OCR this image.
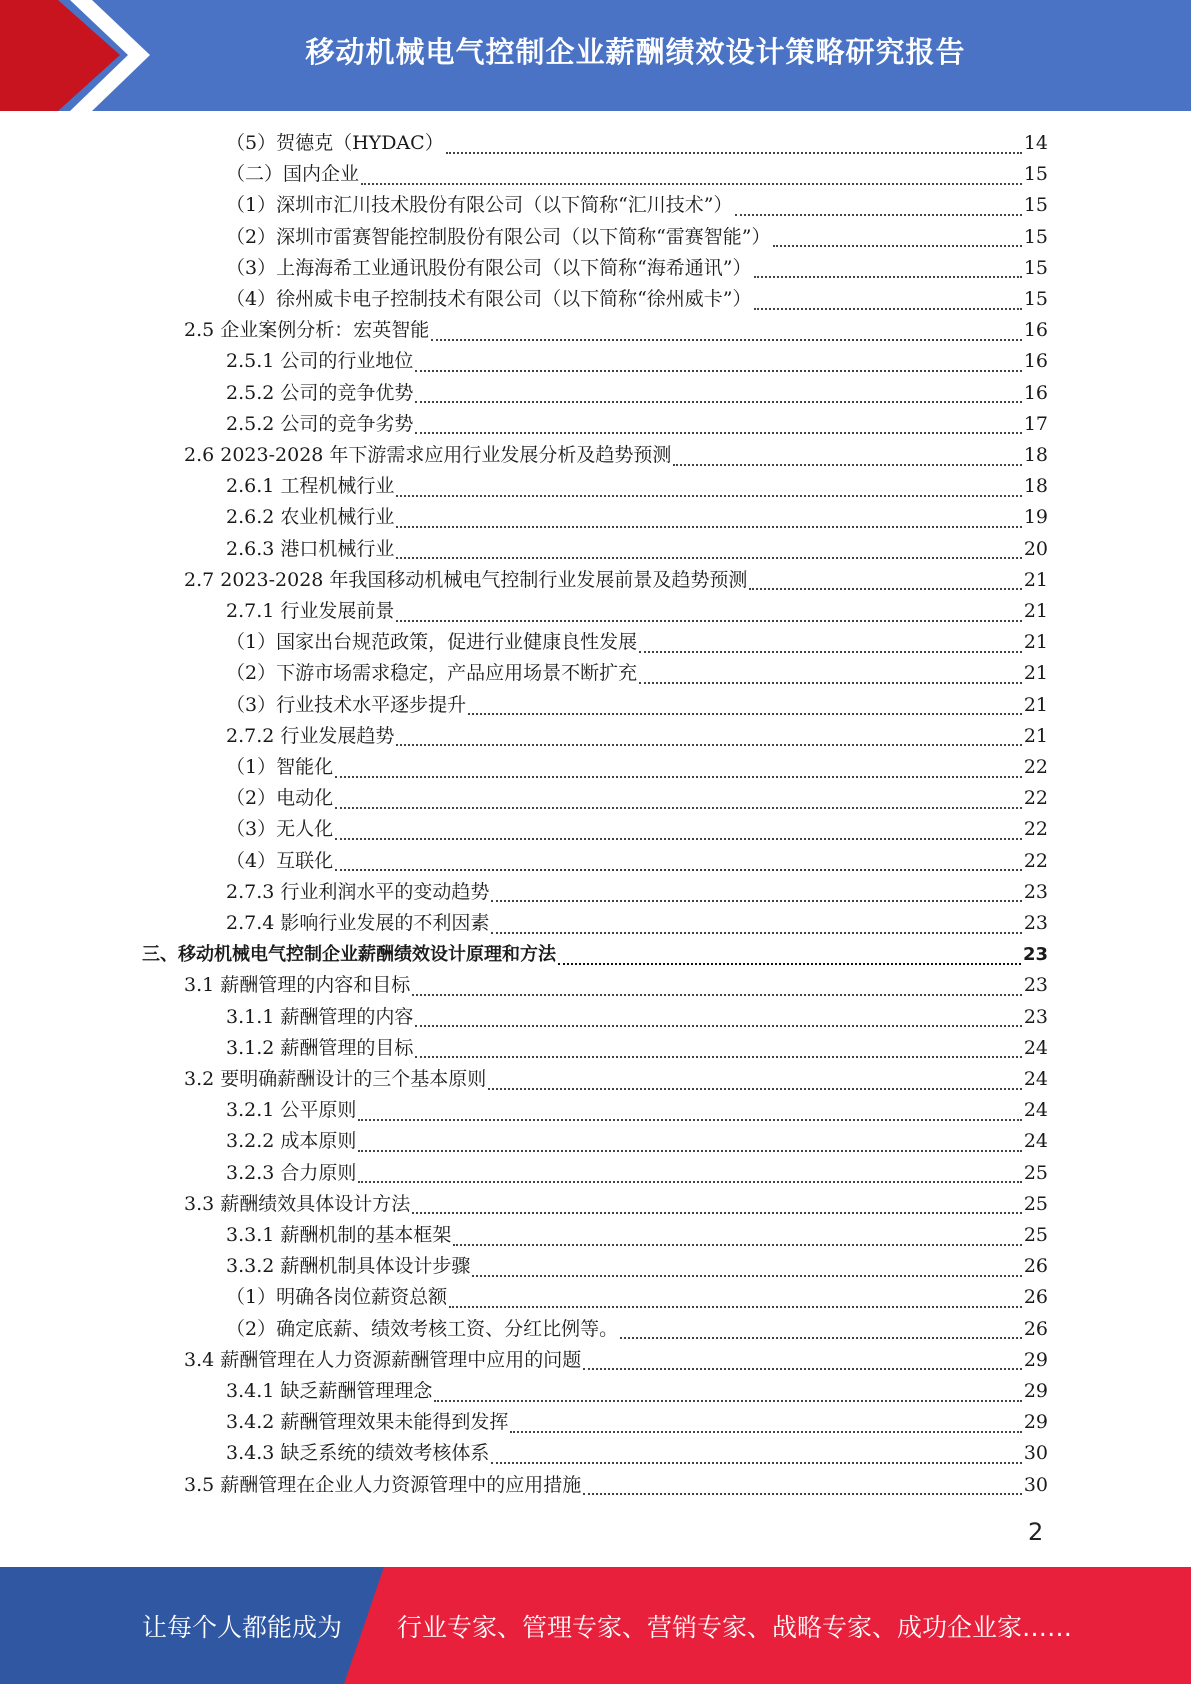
移动机械电气控制企业薪酬绩效设计策略研究报告
（5）贺德克（HYDAC）	14
（二）国内企业	15
（1）深圳市汇川技术股份有限公司（以下简称“汇川技术”）	15
（2）深圳市雷赛智能控制股份有限公司（以下简称“雷赛智能”）	15
（3）上海海希工业通讯股份有限公司（以下简称“海希通讯”）	15
（4）徐州威卡电子控制技术有限公司（以下简称“徐州威卡”）	15
2.5 企业案例分析：宏英智能	16
2.5.1 公司的行业地位	16
2.5.2 公司的竞争优势	16
2.5.2 公司的竞争劣势	17
2.6 2023-2028 年下游需求应用行业发展分析及趋势预测	18
2.6.1 工程机械行业	18
2.6.2 农业机械行业	19
2.6.3 港口机械行业	20
2.7 2023-2028 年我国移动机械电气控制行业发展前景及趋势预测	21
2.7.1 行业发展前景	21
（1）国家出台规范政策，促进行业健康良性发展	21
（2）下游市场需求稳定，产品应用场景不断扩充	21
（3）行业技术水平逐步提升	21
2.7.2 行业发展趋势	21
（1）智能化	22
（2）电动化	22
（3）无人化	22
（4）互联化	22
2.7.3 行业利润水平的变动趋势	23
2.7.4 影响行业发展的不利因素	23
三、移动机械电气控制企业薪酬绩效设计原理和方法	23
3.1 薪酬管理的内容和目标	23
3.1.1 薪酬管理的内容	23
3.1.2 薪酬管理的目标	24
3.2 要明确薪酬设计的三个基本原则	24
3.2.1 公平原则	24
3.2.2 成本原则	24
3.2.3 合力原则	25
3.3 薪酬绩效具体设计方法	25
3.3.1 薪酬机制的基本框架	25
3.3.2 薪酬机制具体设计步骤	26
（1）明确各岗位薪资总额	26
（2）确定底薪、绩效考核工资、分红比例等。	26
3.4 薪酬管理在人力资源薪酬管理中应用的问题	29
3.4.1 缺乏薪酬管理理念	29
3.4.2 薪酬管理效果未能得到发挥	29
3.4.3 缺乏系统的绩效考核体系	30
3.5 薪酬管理在企业人力资源管理中的应用措施	30
2
让每个人都能成为 行业专家、管理专家、营销专家、战略专家、成功企业家……
